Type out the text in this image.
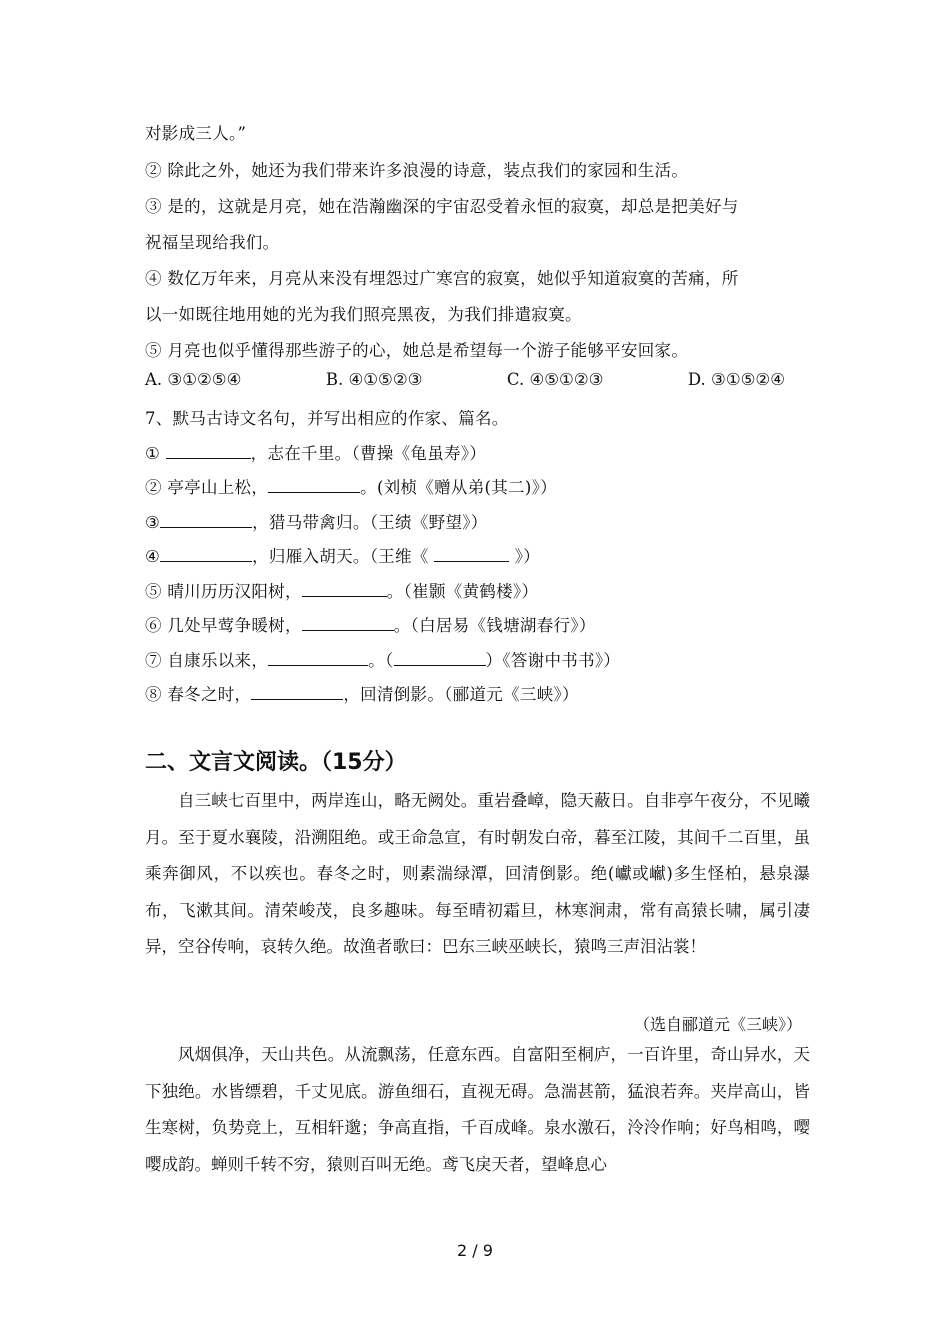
对影成三人。”
② 除此之外，她还为我们带来许多浪漫的诗意，装点我们的家园和生活。
③ 是的，这就是月亮，她在浩瀚幽深的宇宙忍受着永恒的寂寞，却总是把美好与
祝福呈现给我们。
④ 数亿万年来，月亮从来没有埋怨过广寒宫的寂寞，她似乎知道寂寞的苦痛，所
以一如既往地用她的光为我们照亮黑夜，为我们排遣寂寞。
⑤ 月亮也似乎懂得那些游子的心，她总是希望每一个游子能够平安回家。
A. ③①②⑤④	B. ④①⑤②③	C. ④⑤①②③	D. ③①⑤②④
7、默马古诗文名句，并写出相应的作家、篇名。
①	，志在千里。（曹操《龟虽寿》）
② 亭亭山上松，	。(刘桢《赠从弟(其二)》）
③	，猎马带禽归。（王绩《野望》）
④	，归雁入胡天。（王维《	》）
⑤ 晴川历历汉阳树，	。（崔颢《黄鹤楼》）
⑥ 几处早莺争暖树，	。（白居易《钱塘湖春行》）
⑦ 自康乐以来，	。（	）《答谢中书书》）
⑧ 春冬之时，	，回清倒影。（郦道元《三峡》）
二、文言文阅读。（15分）
自三峡七百里中，两岸连山，略无阙处。重岩叠嶂，隐天蔽日。自非亭午夜分，不见曦月。至于夏水襄陵，沿溯阻绝。或王命急宣，有时朝发白帝，暮至江陵，其间千二百里，虽乘奔御风，不以疾也。春冬之时，则素湍绿潭，回清倒影。绝(巘或𪩘)多生怪柏，悬泉瀑布，飞漱其间。清荣峻茂，良多趣味。每至晴初霜旦，林寒涧肃，常有高猿长啸，属引凄异，空谷传响，哀转久绝。故渔者歌曰：巴东三峡巫峡长，猿鸣三声泪沾裳！
（选自郦道元《三峡》）
风烟俱净，天山共色。从流飘荡，任意东西。自富阳至桐庐，一百许里，奇山异水，天下独绝。水皆缥碧，千丈见底。游鱼细石，直视无碍。急湍甚箭，猛浪若奔。夹岸高山，皆生寒树，负势竞上，互相轩邈；争高直指，千百成峰。泉水激石，泠泠作响；好鸟相鸣，嘤嘤成韵。蝉则千转不穷，猿则百叫无绝。鸢飞戾天者，望峰息心
2 / 9
